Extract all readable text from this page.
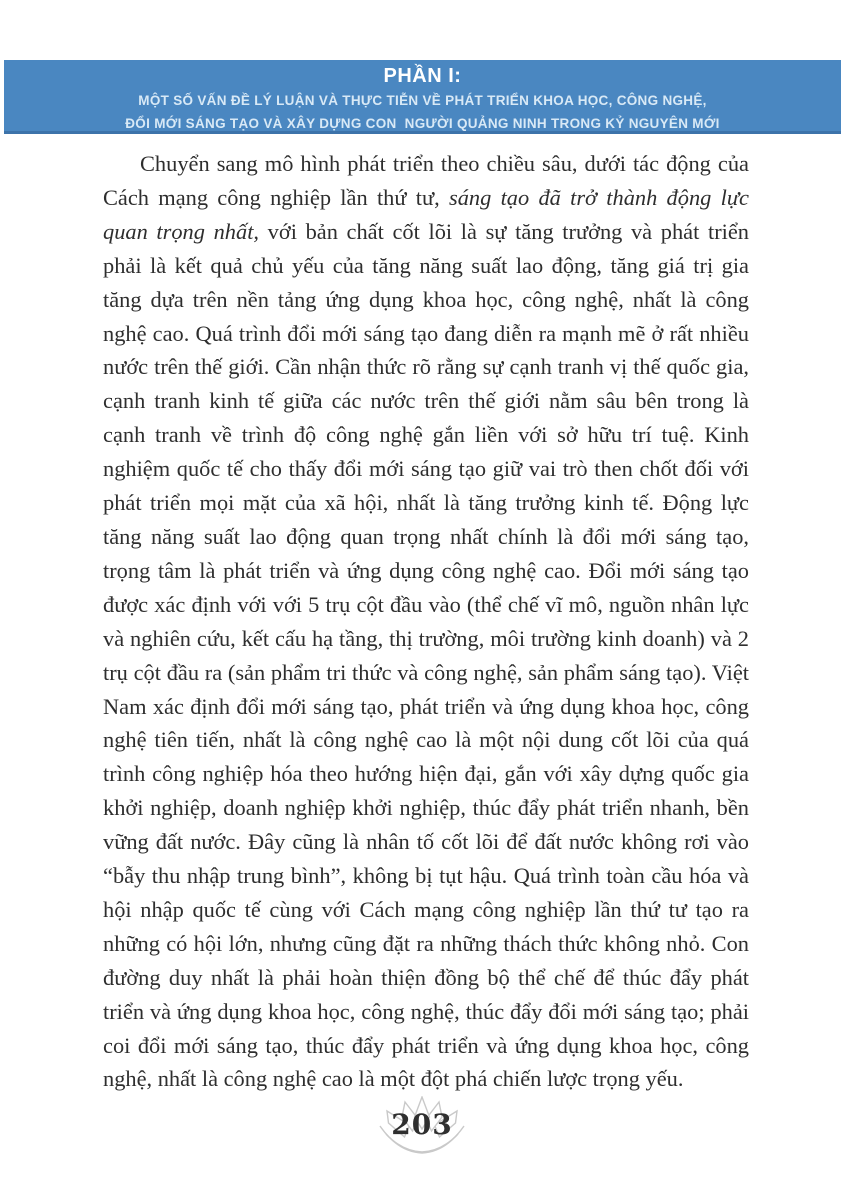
PHẦN I:
MỘT SỐ VẤN ĐỀ LÝ LUẬN VÀ THỰC TIỄN VỀ PHÁT TRIỂN KHOA HỌC, CÔNG NGHỆ,
ĐỔI MỚI SÁNG TẠO VÀ XÂY DỰNG CON  NGƯỜI QUẢNG NINH TRONG KỶ NGUYÊN MỚI

Chuyển sang mô hình phát triển theo chiều sâu, dưới tác động của Cách mạng công nghiệp lần thứ tư, sáng tạo đã trở thành động lực quan trọng nhất, với bản chất cốt lõi là sự tăng trưởng và phát triển phải là kết quả chủ yếu của tăng năng suất lao động, tăng giá trị gia tăng dựa trên nền tảng ứng dụng khoa học, công nghệ, nhất là công nghệ cao. Quá trình đổi mới sáng tạo đang diễn ra mạnh mẽ ở rất nhiều nước trên thế giới. Cần nhận thức rõ rằng sự cạnh tranh vị thế quốc gia, cạnh tranh kinh tế giữa các nước trên thế giới nằm sâu bên trong là cạnh tranh về trình độ công nghệ gắn liền với sở hữu trí tuệ. Kinh nghiệm quốc tế cho thấy đổi mới sáng tạo giữ vai trò then chốt đối với phát triển mọi mặt của xã hội, nhất là tăng trưởng kinh tế. Động lực tăng năng suất lao động quan trọng nhất chính là đổi mới sáng tạo, trọng tâm là phát triển và ứng dụng công nghệ cao. Đổi mới sáng tạo được xác định với với 5 trụ cột đầu vào (thể chế vĩ mô, nguồn nhân lực và nghiên cứu, kết cấu hạ tầng, thị trường, môi trường kinh doanh) và 2 trụ cột đầu ra (sản phẩm tri thức và công nghệ, sản phẩm sáng tạo). Việt Nam xác định đổi mới sáng tạo, phát triển và ứng dụng khoa học, công nghệ tiên tiến, nhất là công nghệ cao là một nội dung cốt lõi của quá trình công nghiệp hóa theo hướng hiện đại, gắn với xây dựng quốc gia khởi nghiệp, doanh nghiệp khởi nghiệp, thúc đẩy phát triển nhanh, bền vững đất nước. Đây cũng là nhân tố cốt lõi để đất nước không rơi vào “bẫy thu nhập trung bình”, không bị tụt hậu. Quá trình toàn cầu hóa và hội nhập quốc tế cùng với Cách mạng công nghiệp lần thứ tư tạo ra những có hội lớn, nhưng cũng đặt ra những thách thức không nhỏ. Con đường duy nhất là phải hoàn thiện đồng bộ thể chế để thúc đẩy phát triển và ứng dụng khoa học, công nghệ, thúc đẩy đổi mới sáng tạo; phải coi đổi mới sáng tạo, thúc đẩy phát triển và ứng dụng khoa học, công nghệ, nhất là công nghệ cao là một đột phá chiến lược trọng yếu.

203
